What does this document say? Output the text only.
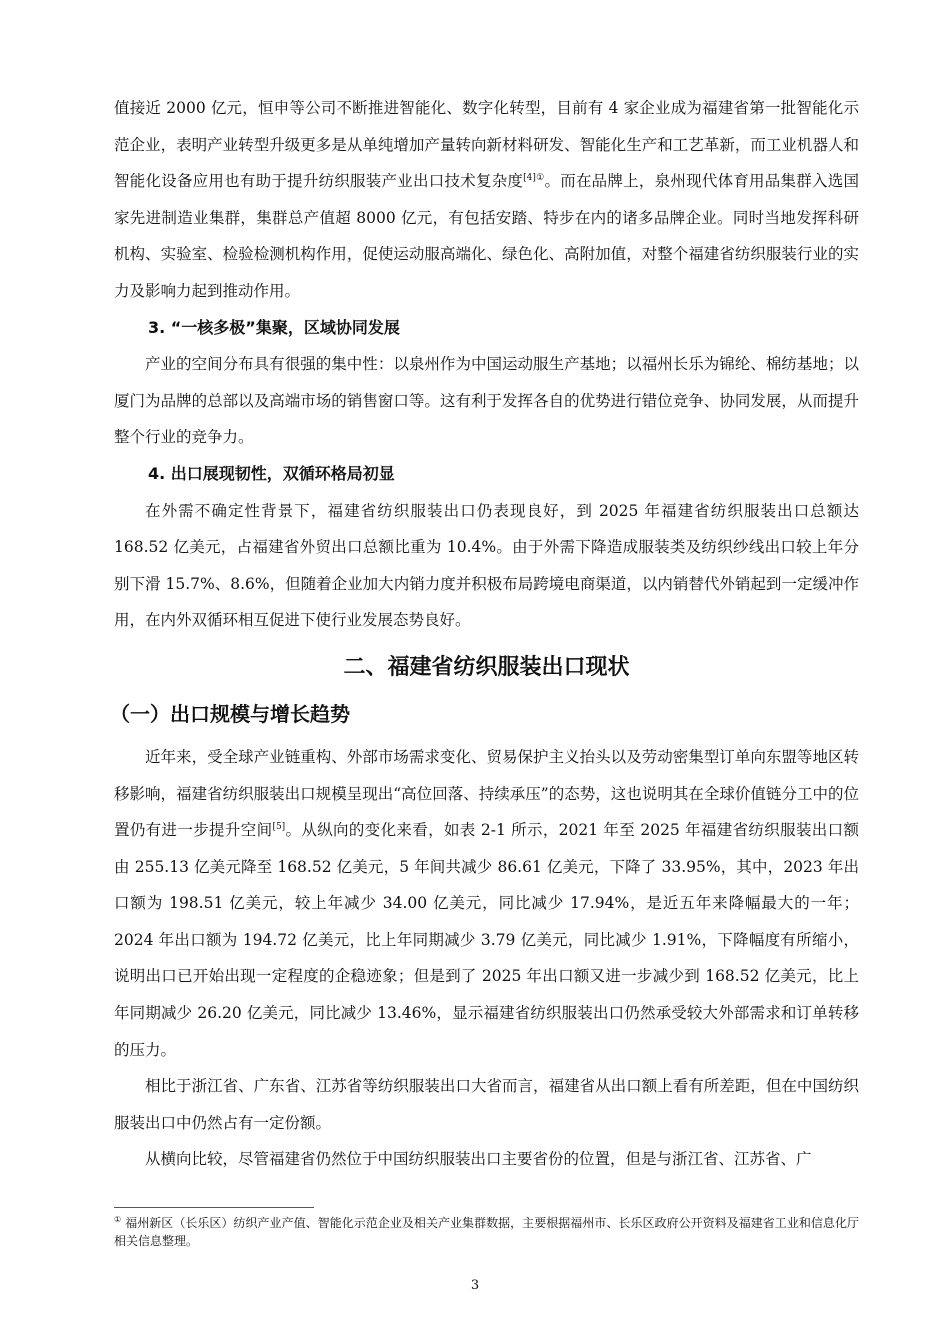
值接近 2000 亿元，恒申等公司不断推进智能化、数字化转型，目前有 4 家企业成为福建省第一批智能化示范企业，表明产业转型升级更多是从单纯增加产量转向新材料研发、智能化生产和工艺革新，而工业机器人和智能化设备应用也有助于提升纺织服装产业出口技术复杂度$^{[4]①}$。而在品牌上，泉州现代体育用品集群入选国家先进制造业集群，集群总产值超 8000 亿元，有包括安踏、特步在内的诸多品牌企业。同时当地发挥科研机构、实验室、检验检测机构作用，促使运动服高端化、绿色化、高附加值，对整个福建省纺织服装行业的实力及影响力起到推动作用。

3. “一核多极”集聚，区域协同发展

产业的空间分布具有很强的集中性：以泉州作为中国运动服生产基地；以福州长乐为锦纶、棉纺基地；以厦门为品牌的总部以及高端市场的销售窗口等。这有利于发挥各自的优势进行错位竞争、协同发展，从而提升整个行业的竞争力。

4. 出口展现韧性，双循环格局初显

在外需不确定性背景下，福建省纺织服装出口仍表现良好，到 2025 年福建省纺织服装出口总额达 168.52 亿美元，占福建省外贸出口总额比重为 10.4%。由于外需下降造成服装类及纺织纱线出口较上年分别下滑 15.7%、8.6%，但随着企业加大内销力度并积极布局跨境电商渠道，以内销替代外销起到一定缓冲作用，在内外双循环相互促进下使行业发展态势良好。

二、福建省纺织服装出口现状
（一）出口规模与增长趋势

近年来，受全球产业链重构、外部市场需求变化、贸易保护主义抬头以及劳动密集型订单向东盟等地区转移影响，福建省纺织服装出口规模呈现出“高位回落、持续承压”的态势，这也说明其在全球价值链分工中的位置仍有进一步提升空间[5]。从纵向的变化来看，如表 2-1 所示，2021 年至 2025 年福建省纺织服装出口额由 255.13 亿美元降至 168.52 亿美元，5 年间共减少 86.61 亿美元，下降了 33.95%，其中，2023 年出口额为 198.51 亿美元，较上年减少 34.00 亿美元，同比减少 17.94%，是近五年来降幅最大的一年；2024 年出口额为 194.72 亿美元，比上年同期减少 3.79 亿美元，同比减少 1.91%，下降幅度有所缩小，说明出口已开始出现一定程度的企稳迹象；但是到了 2025 年出口额又进一步减少到 168.52 亿美元，比上年同期减少 26.20 亿美元，同比减少 13.46%，显示福建省纺织服装出口仍然承受较大外部需求和订单转移的压力。

相比于浙江省、广东省、江苏省等纺织服装出口大省而言，福建省从出口额上看有所差距，但在中国纺织服装出口中仍然占有一定份额。

从横向比较，尽管福建省仍然位于中国纺织服装出口主要省份的位置，但是与浙江省、江苏省、广

① 福州新区（长乐区）纺织产业产值、智能化示范企业及相关产业集群数据，主要根据福州市、长乐区政府公开资料及福建省工业和信息化厅相关信息整理。
3
